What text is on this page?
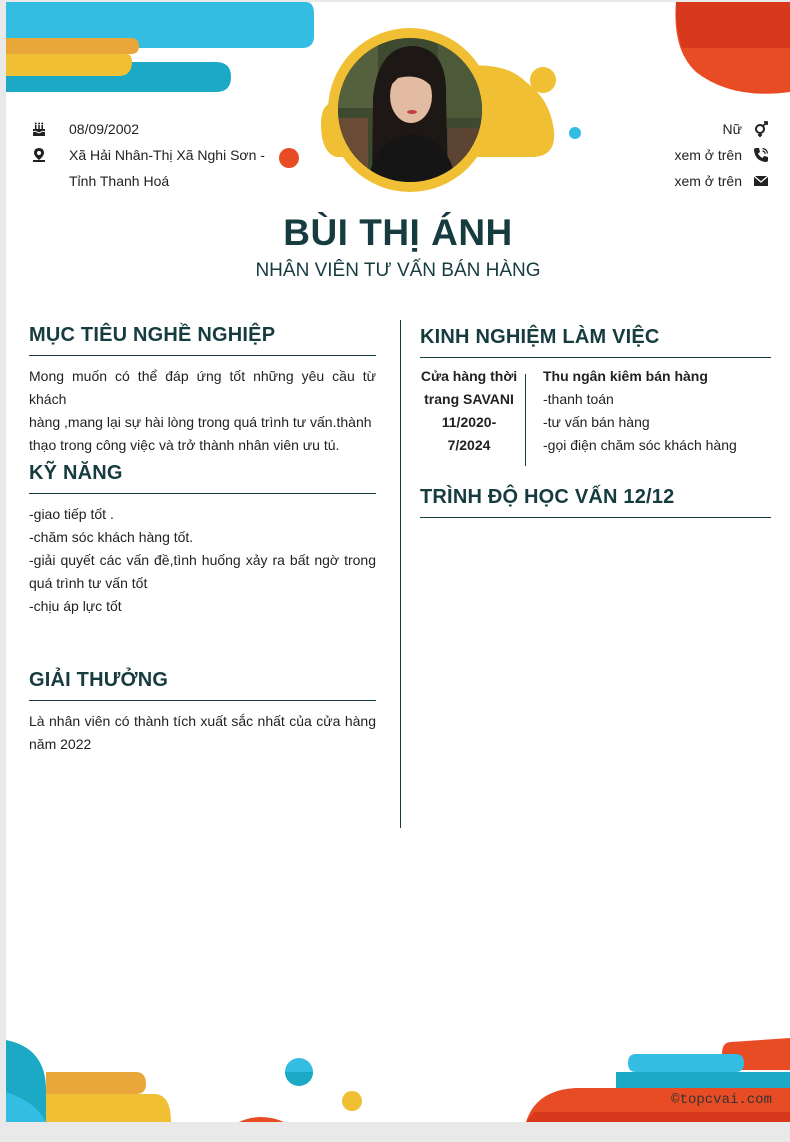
08/09/2002
Xã Hải Nhân-Thị Xã Nghi Sơn -
Tỉnh Thanh Hoá
Nữ
xem ở trên
xem ở trên
BÙI THỊ ÁNH
NHÂN VIÊN TƯ VẤN BÁN HÀNG
MỤC TIÊU NGHỀ NGHIỆP
Mong muốn có thể đáp ứng tốt những yêu cầu từ khách
hàng ,mang lại sự hài lòng trong quá trình tư vấn.thành
thạo trong công việc và trở thành nhân viên ưu tú.
KỸ NĂNG
-giao tiếp tốt .
-chăm sóc khách hàng tốt.
-giải quyết các vấn đề,tình huống xảy ra bất ngờ trong
quá trình tư vấn tốt
-chịu áp lực tốt
GIẢI THƯỞNG
Là nhân viên có thành tích xuất sắc nhất của cửa hàng
năm 2022
KINH NGHIỆM LÀM VIỆC
Cửa hàng thời
trang SAVANI
11/2020-
7/2024
Thu ngân kiêm bán hàng
-thanh toán
-tư vấn bán hàng
-gọi điện chăm sóc khách hàng
TRÌNH ĐỘ HỌC VẤN 12/12
©topcvai.com
